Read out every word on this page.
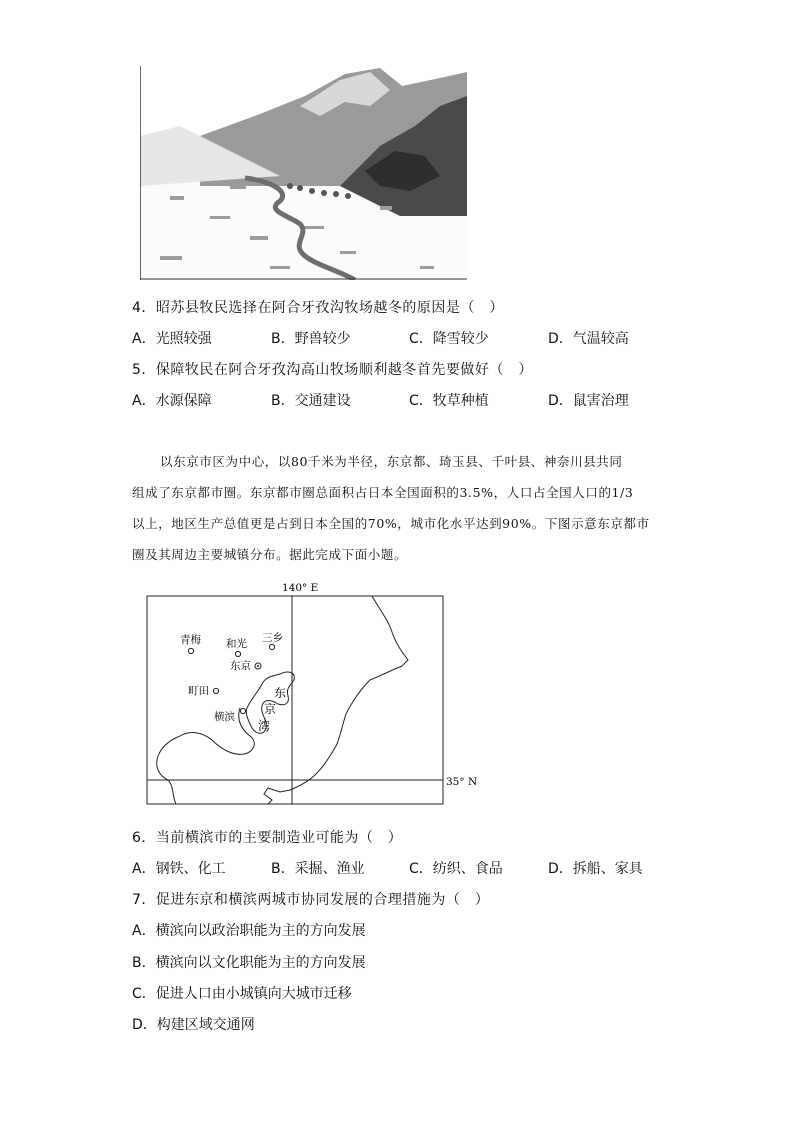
4．昭苏县牧民选择在阿合牙孜沟牧场越冬的原因是（　）
A．光照较强	B．野兽较少	C．降雪较少	D．气温较高
5．保障牧民在阿合牙孜沟高山牧场顺利越冬首先要做好（　）
A．水源保障	B．交通建设	C．牧草种植	D．鼠害治理
以东京市区为中心，以80千米为半径，东京都、琦玉县、千叶县、神奈川县共同
组成了东京都市圈。东京都市圈总面积占日本全国面积的3.5%，人口占全国人口的1/3
以上，地区生产总值更是占到日本全国的70%，城市化水平达到90%。下图示意东京都市
圈及其周边主要城镇分布。据此完成下面小题。
140° E
35° N
青梅 和光 三乡
东京
町田
横滨
东
京
湾
6．当前横滨市的主要制造业可能为（　）
A．钢铁、化工	B．采掘、渔业	C．纺织、食品	D．拆船、家具
7．促进东京和横滨两城市协同发展的合理措施为（　）
A．横滨向以政治职能为主的方向发展
B．横滨向以文化职能为主的方向发展
C．促进人口由小城镇向大城市迁移
D．构建区域交通网
